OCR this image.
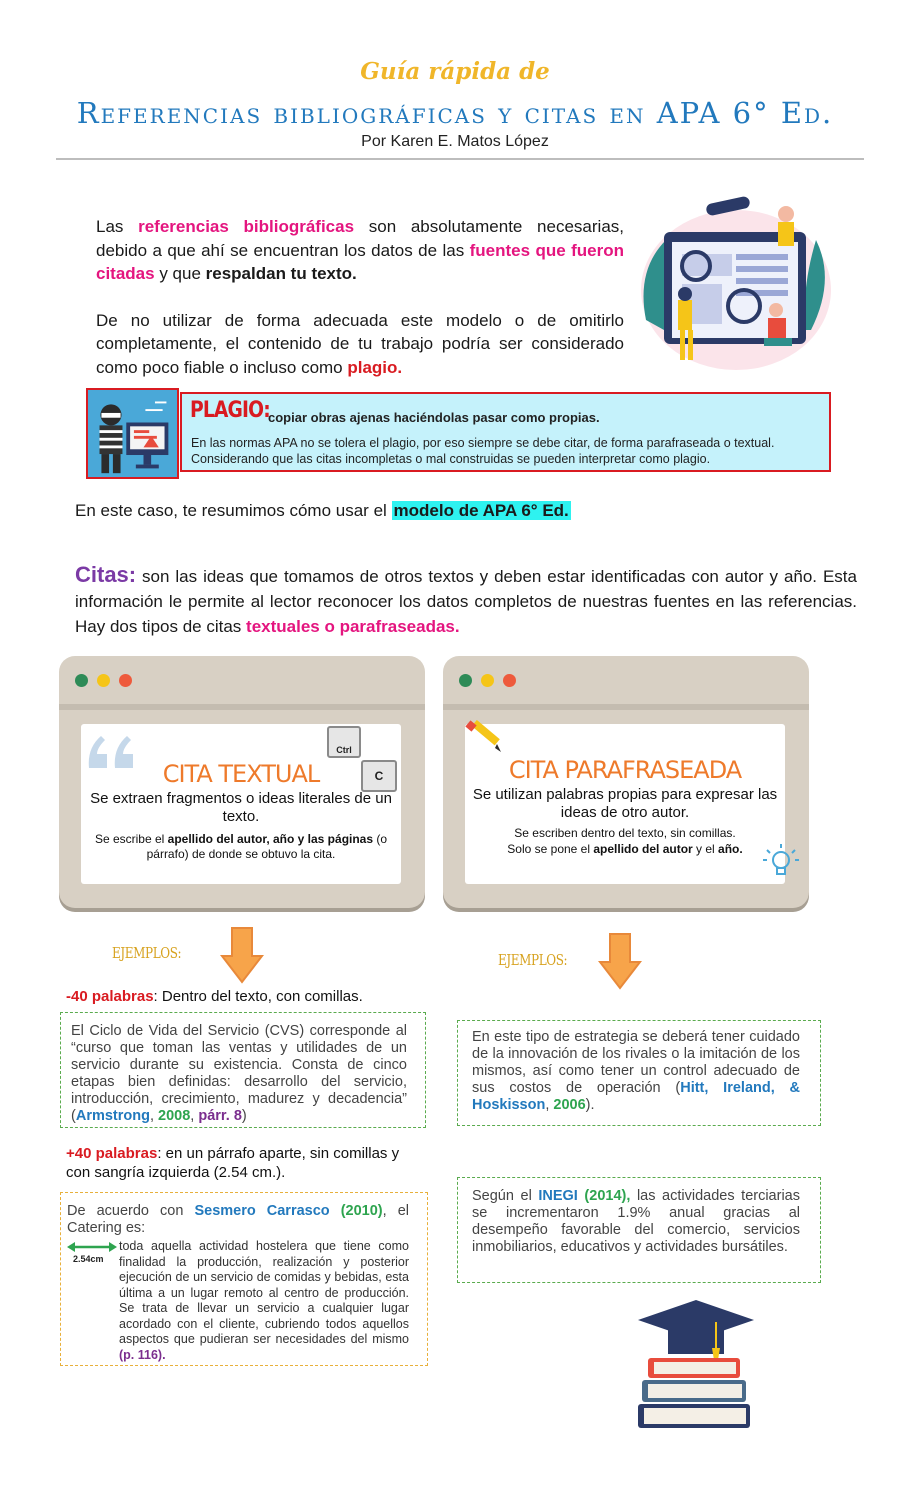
Guía rápida de
Referencias bibliográficas y citas en APA 6° Ed.
Por Karen E. Matos López

Las referencias bibliográficas son absolutamente necesarias, debido a que ahí se encuentran los datos de las fuentes que fueron citadas y que respaldan tu texto.

De no utilizar de forma adecuada este modelo o de omitirlo completamente, el contenido de tu trabajo podría ser considerado como poco fiable o incluso como plagio.

PLAGIO:
copiar obras ajenas haciéndolas pasar como propias.
En las normas APA no se tolera el plagio, por eso siempre se debe citar, de forma parafraseada o textual.
Considerando que las citas incompletas o mal construidas se pueden interpretar como plagio.
En este caso, te resumimos cómo usar el modelo de APA 6° Ed.
Citas: son las ideas que tomamos de otros textos y deben estar identificadas con autor y año. Esta información le permite al lector reconocer los datos completos de nuestras fuentes en las referencias. Hay dos tipos de citas textuales o parafraseadas.
Ctrl
C
CITA TEXTUAL
Se extraen fragmentos o ideas literales de un texto.
Se escribe el apellido del autor, año y las páginas (o párrafo) de donde se obtuvo la cita.
CITA PARAFRASEADA
Se utilizan palabras propias para expresar las ideas de otro autor.
Se escriben dentro del texto, sin comillas.
Solo se pone el apellido del autor y el año.
EJEMPLOS:	EJEMPLOS:
-40 palabras: Dentro del texto, con comillas.
El Ciclo de Vida del Servicio (CVS) corresponde al “curso que toman las ventas y utilidades de un servicio durante su existencia. Consta de cinco etapas bien definidas: desarrollo del servicio, introducción, crecimiento, madurez y decadencia” (Armstrong, 2008, párr. 8)
+40 palabras: en un párrafo aparte, sin comillas y con sangría izquierda (2.54 cm.).
De acuerdo con Sesmero Carrasco (2010), el Catering es:
2.54cm
toda aquella actividad hostelera que tiene como finalidad la producción, realización y posterior ejecución de un servicio de comidas y bebidas, esta última a un lugar remoto al centro de producción. Se trata de llevar un servicio a cualquier lugar acordado con el cliente, cubriendo todos aquellos aspectos que pudieran ser necesidades del mismo (p. 116).
En este tipo de estrategia se deberá tener cuidado de la innovación de los rivales o la imitación de los mismos, así como tener un control adecuado de sus costos de operación (Hitt, Ireland, & Hoskisson, 2006).
Según el INEGI (2014), las actividades terciarias se incrementaron 1.9% anual gracias al desempeño favorable del comercio, servicios inmobiliarios, educativos y actividades bursátiles.
